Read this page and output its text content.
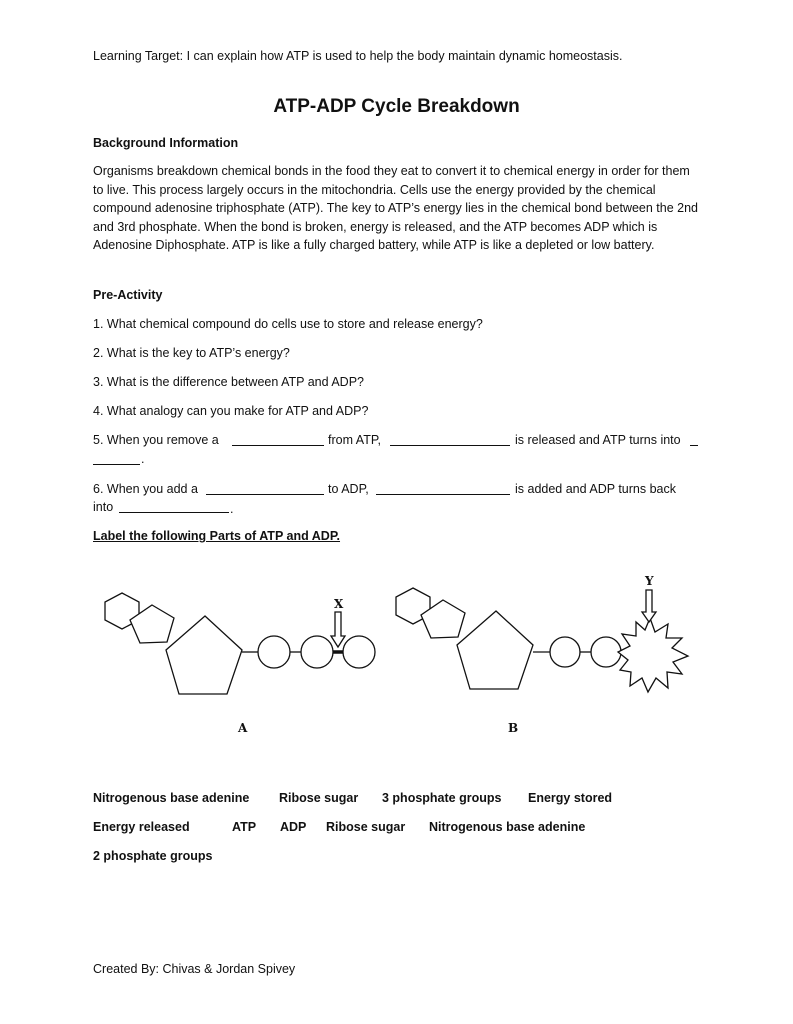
Learning Target: I can explain how ATP is used to help the body maintain dynamic homeostasis.
ATP-ADP Cycle Breakdown
Background Information
Organisms breakdown chemical bonds in the food they eat to convert it to chemical energy in order for them to live. This process largely occurs in the mitochondria. Cells use the energy provided by the chemical compound adenosine triphosphate (ATP). The key to ATP’s energy lies in the chemical bond between the 2nd and 3rd phosphate. When the bond is broken, energy is released, and the ATP becomes ADP which is Adenosine Diphosphate. ATP is like a fully charged battery, while ATP is like a depleted or low battery.
Pre-Activity
1. What chemical compound do cells use to store and release energy?
2. What is the key to ATP’s energy?
3. What is the difference between ATP and ADP?
4. What analogy can you make for ATP and ADP?
5. When you remove a	from ATP,	is released and ATP turns into
.
6. When you add a	to ADP,	is added and ADP turns back
into	.
Label the following Parts of ATP and ADP.
X
Y
A	B
Nitrogenous base adenine Ribose sugar 3 phosphate groups Energy stored
Energy released	ATP ADP Ribose sugar Nitrogenous base adenine
2 phosphate groups
Created By: Chivas & Jordan Spivey
